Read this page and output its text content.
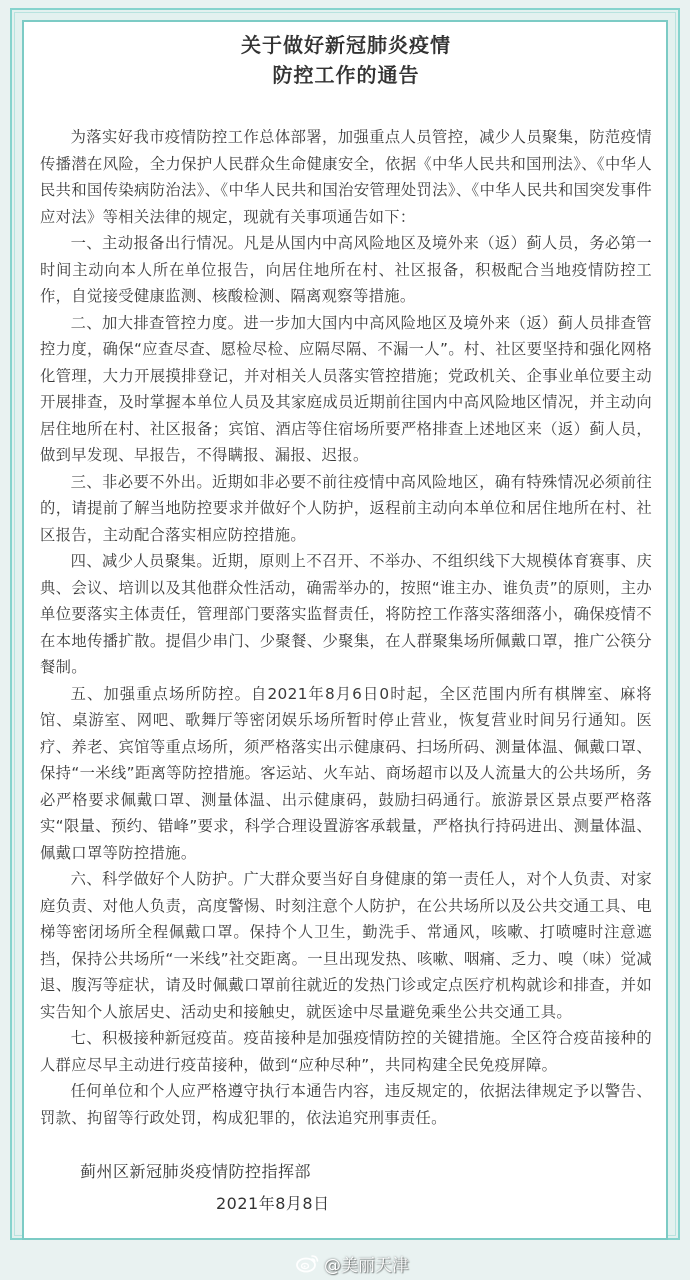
关于做好新冠肺炎疫情
防控工作的通告

为落实好我市疫情防控工作总体部署，加强重点人员管控，减少人员聚集，防范疫情传播潜在风险，全力保护人民群众生命健康安全，依据《中华人民共和国刑法》、《中华人民共和国传染病防治法》、《中华人民共和国治安管理处罚法》、《中华人民共和国突发事件应对法》等相关法律的规定，现就有关事项通告如下：

一、主动报备出行情况。凡是从国内中高风险地区及境外来（返）蓟人员，务必第一时间主动向本人所在单位报告，向居住地所在村、社区报备，积极配合当地疫情防控工作，自觉接受健康监测、核酸检测、隔离观察等措施。

二、加大排查管控力度。进一步加大国内中高风险地区及境外来（返）蓟人员排查管控力度，确保“应查尽查、愿检尽检、应隔尽隔、不漏一人”。村、社区要坚持和强化网格化管理，大力开展摸排登记，并对相关人员落实管控措施；党政机关、企事业单位要主动开展排查，及时掌握本单位人员及其家庭成员近期前往国内中高风险地区情况，并主动向居住地所在村、社区报备；宾馆、酒店等住宿场所要严格排查上述地区来（返）蓟人员，做到早发现、早报告，不得瞒报、漏报、迟报。

三、非必要不外出。近期如非必要不前往疫情中高风险地区，确有特殊情况必须前往的，请提前了解当地防控要求并做好个人防护，返程前主动向本单位和居住地所在村、社区报告，主动配合落实相应防控措施。

四、减少人员聚集。近期，原则上不召开、不举办、不组织线下大规模体育赛事、庆典、会议、培训以及其他群众性活动，确需举办的，按照“谁主办、谁负责”的原则，主办单位要落实主体责任，管理部门要落实监督责任，将防控工作落实落细落小，确保疫情不在本地传播扩散。提倡少串门、少聚餐、少聚集，在人群聚集场所佩戴口罩，推广公筷分餐制。

五、加强重点场所防控。自2021年8月6日0时起，全区范围内所有棋牌室、麻将馆、桌游室、网吧、歌舞厅等密闭娱乐场所暂时停止营业，恢复营业时间另行通知。医疗、养老、宾馆等重点场所，须严格落实出示健康码、扫场所码、测量体温、佩戴口罩、保持“一米线”距离等防控措施。客运站、火车站、商场超市以及人流量大的公共场所，务必严格要求佩戴口罩、测量体温、出示健康码，鼓励扫码通行。旅游景区景点要严格落实“限量、预约、错峰”要求，科学合理设置游客承载量，严格执行持码进出、测量体温、佩戴口罩等防控措施。

六、科学做好个人防护。广大群众要当好自身健康的第一责任人，对个人负责、对家庭负责、对他人负责，高度警惕、时刻注意个人防护，在公共场所以及公共交通工具、电梯等密闭场所全程佩戴口罩。保持个人卫生，勤洗手、常通风，咳嗽、打喷嚏时注意遮挡，保持公共场所“一米线”社交距离。一旦出现发热、咳嗽、咽痛、乏力、嗅（味）觉减退、腹泻等症状，请及时佩戴口罩前往就近的发热门诊或定点医疗机构就诊和排查，并如实告知个人旅居史、活动史和接触史，就医途中尽量避免乘坐公共交通工具。

七、积极接种新冠疫苗。疫苗接种是加强疫情防控的关键措施。全区符合疫苗接种的人群应尽早主动进行疫苗接种，做到“应种尽种”，共同构建全民免疫屏障。

任何单位和个人应严格遵守执行本通告内容，违反规定的，依据法律规定予以警告、罚款、拘留等行政处罚，构成犯罪的，依法追究刑事责任。

蓟州区新冠肺炎疫情防控指挥部
2021年8月8日
@美丽天津
